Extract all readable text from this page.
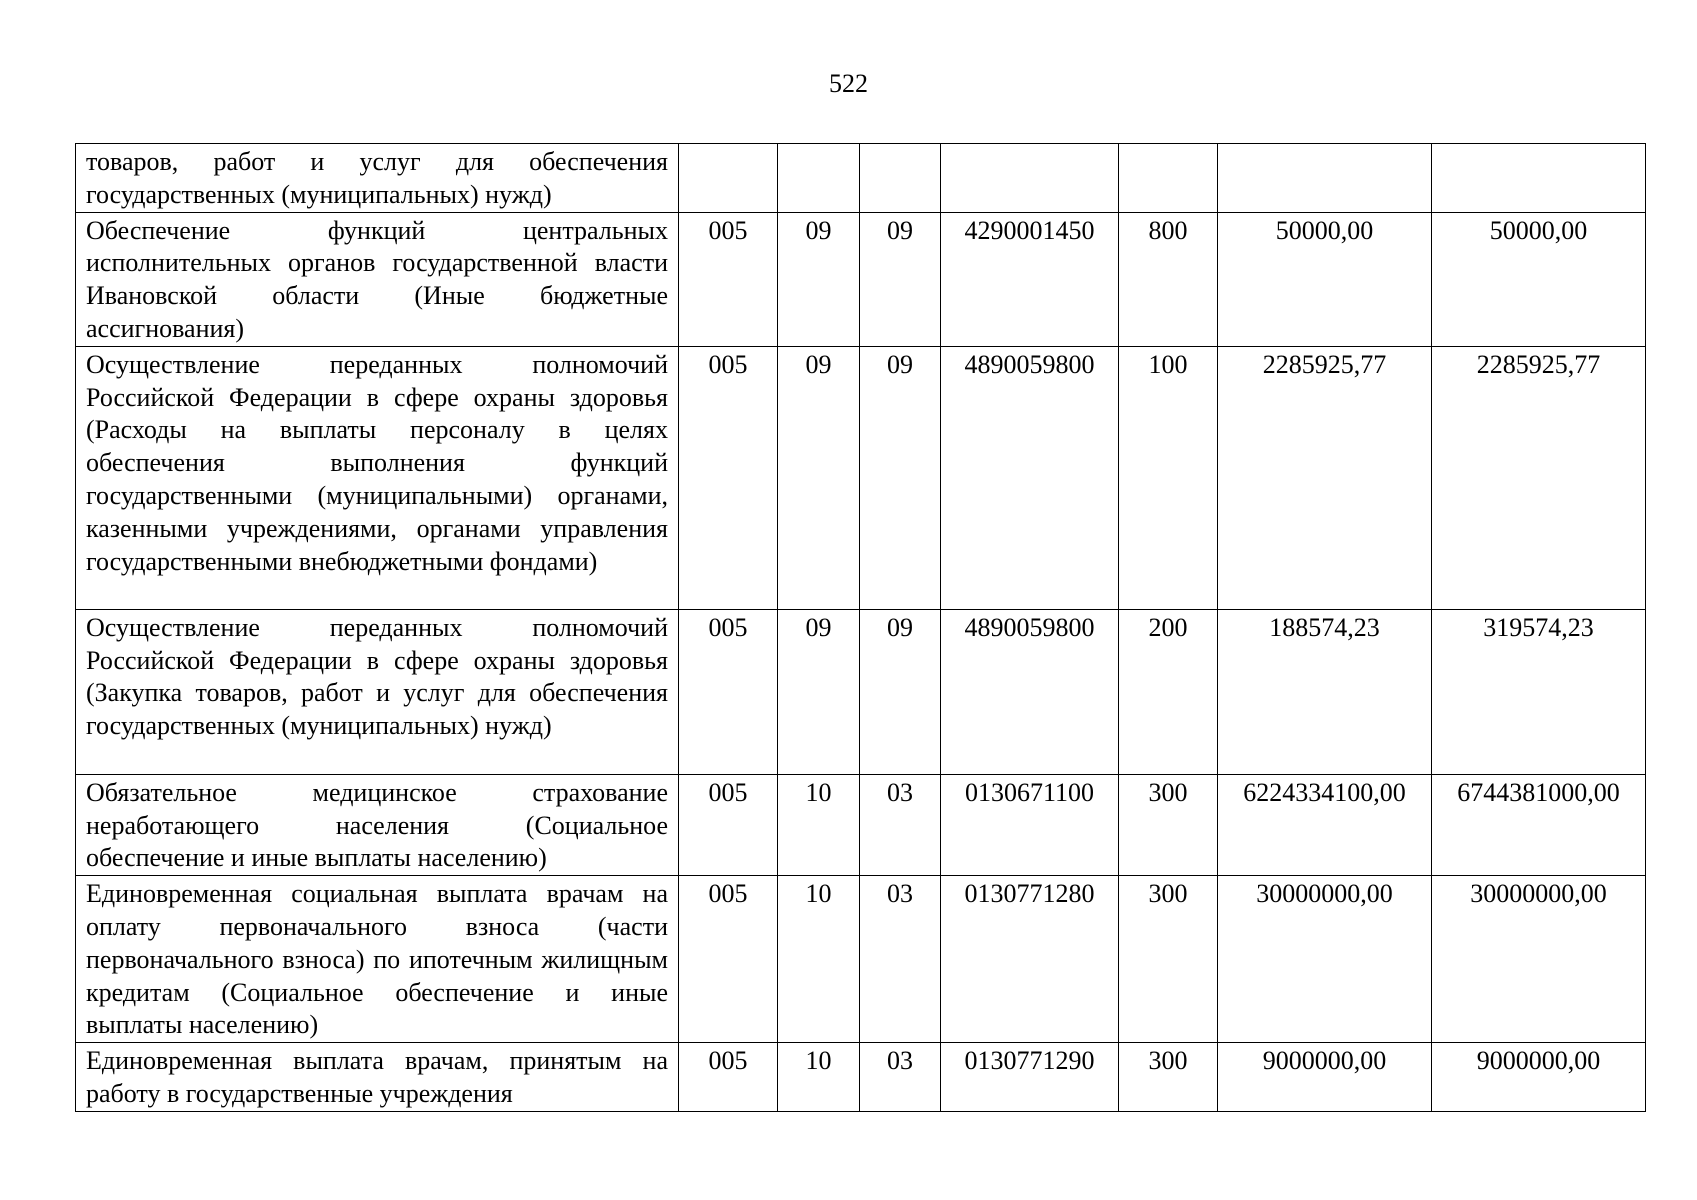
522
товаров, работ и услуг для обеспечения государственных (муниципальных) нужд)							

Обеспечение функций центральных исполнительных органов государственной власти Ивановской области (Иные бюджетные ассигнования)	005	09	09	4290001450	800	50000,00	50000,00

Осуществление переданных полномочий Российской Федерации в сфере охраны здоровья (Расходы на выплаты персоналу в целях обеспечения выполнения функций государственными (муниципальными) органами, казенными учреждениями, органами управления государственными внебюджетными фондами)	005	09	09	4890059800	100	2285925,77	2285925,77

Осуществление переданных полномочий Российской Федерации в сфере охраны здоровья (Закупка товаров, работ и услуг для обеспечения государственных (муниципальных) нужд)	005	09	09	4890059800	200	188574,23	319574,23

Обязательное медицинское страхование неработающего населения (Социальное обеспечение и иные выплаты населению)	005	10	03	0130671100	300	6224334100,00	6744381000,00

Единовременная социальная выплата врачам на оплату первоначального взноса (части первоначального взноса) по ипотечным жилищным кредитам (Социальное обеспечение и иные выплаты населению)	005	10	03	0130771280	300	30000000,00	30000000,00

Единовременная выплата врачам, принятым на работу в государственные учреждения	005	10	03	0130771290	300	9000000,00	9000000,00
